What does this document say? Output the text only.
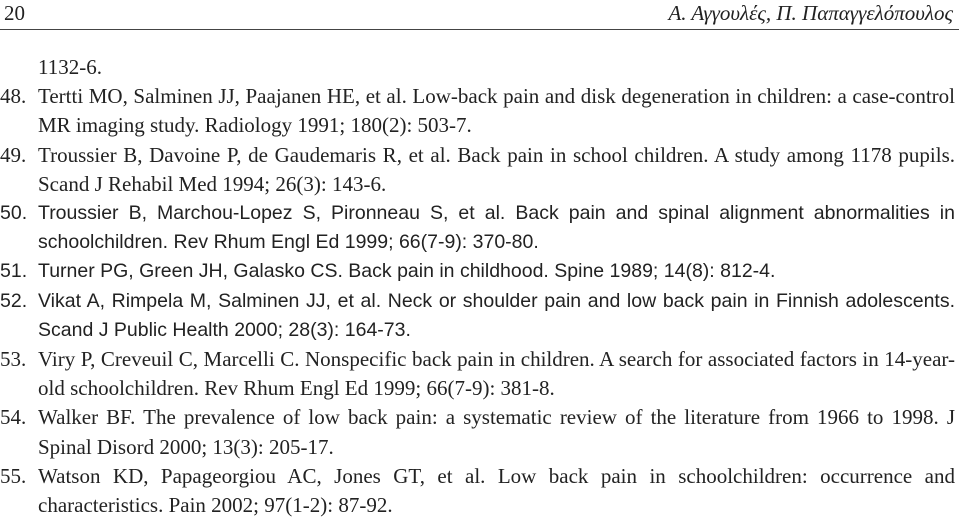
20	Α. Αγγουλές, Π. Παπαγγελόπουλος
1132-6.
48. Tertti MO, Salminen JJ, Paajanen HE, et al. Low-back pain and disk degeneration in children: a case-control MR imaging study. Radiology 1991; 180(2): 503-7.
49. Troussier B, Davoine P, de Gaudemaris R, et al. Back pain in school children. A study among 1178 pupils. Scand J Rehabil Med 1994; 26(3): 143-6.
50. Troussier B, Marchou-Lopez S, Pironneau S, et al. Back pain and spinal alignment abnormalities in schoolchildren. Rev Rhum Engl Ed 1999; 66(7-9): 370-80.
51. Turner PG, Green JH, Galasko CS. Back pain in childhood. Spine 1989; 14(8): 812-4.
52. Vikat A, Rimpela M, Salminen JJ, et al. Neck or shoulder pain and low back pain in Finnish adolescents. Scand J Public Health 2000; 28(3): 164-73.
53. Viry P, Creveuil C, Marcelli C. Nonspecific back pain in children. A search for associated factors in 14-year-old schoolchildren. Rev Rhum Engl Ed 1999; 66(7-9): 381-8.
54. Walker BF. The prevalence of low back pain: a systematic review of the literature from 1966 to 1998. J Spinal Disord 2000; 13(3): 205-17.
55. Watson KD, Papageorgiou AC, Jones GT, et al. Low back pain in schoolchildren: occurrence and characteristics. Pain 2002; 97(1-2): 87-92.
